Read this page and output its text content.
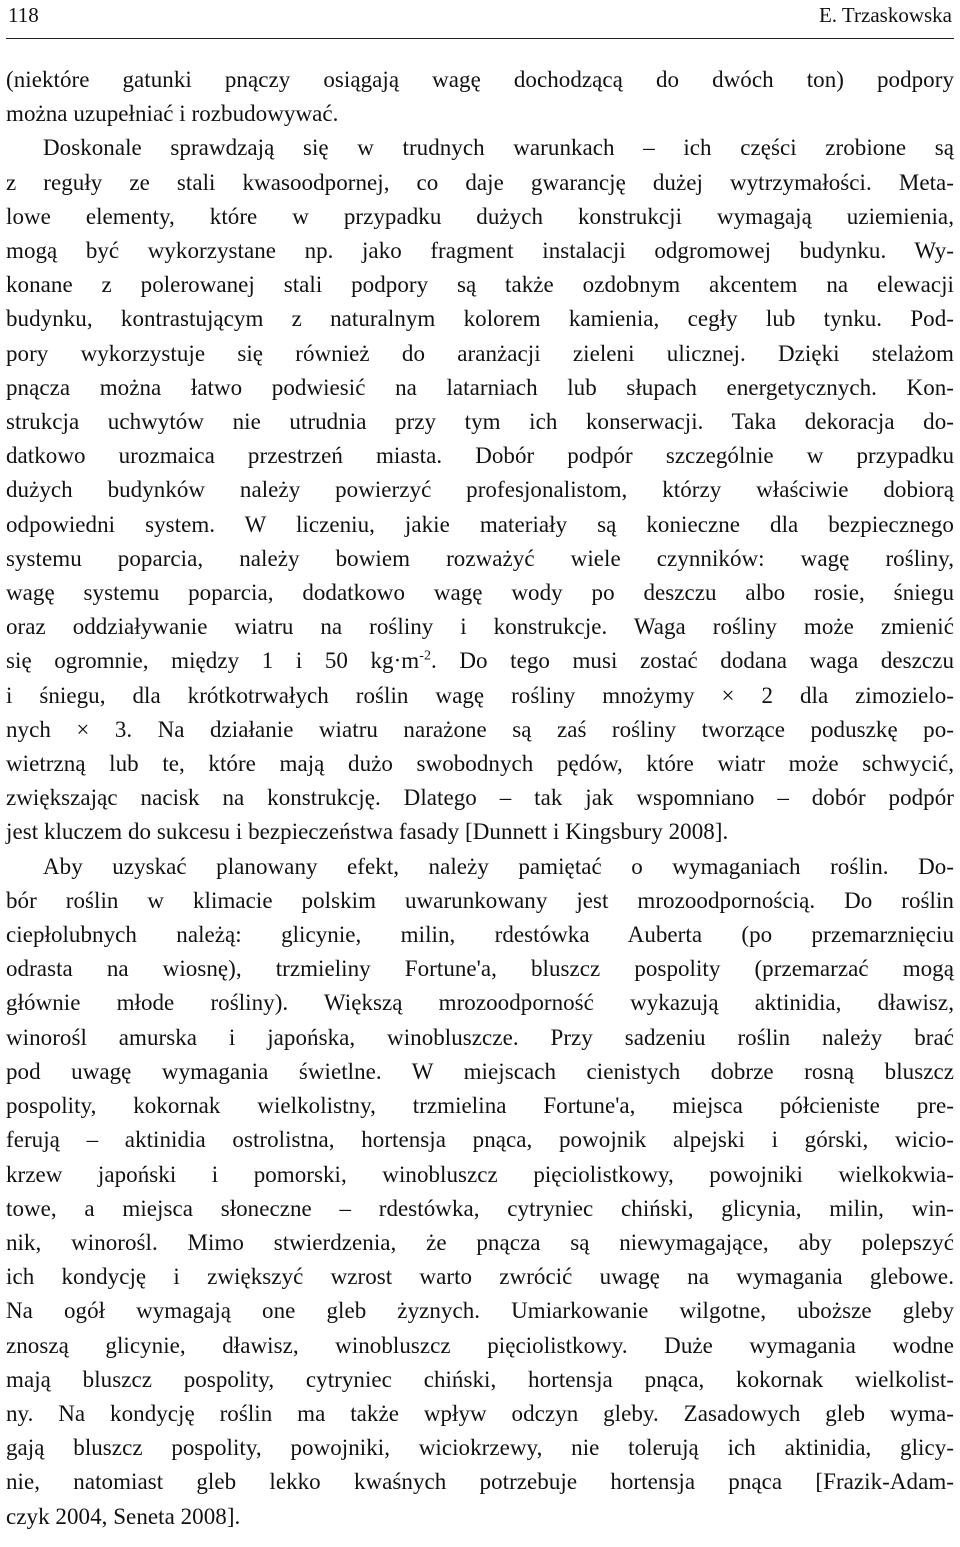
118	E. Trzaskowska

(niektóre gatunki pnączy osiągają wagę dochodzącą do dwóch ton) podpory
można uzupełniać i rozbudowywać.

Doskonale sprawdzają się w trudnych warunkach – ich części zrobione są
z reguły ze stali kwasoodpornej, co daje gwarancję dużej wytrzymałości. Meta-
lowe elementy, które w przypadku dużych konstrukcji wymagają uziemienia,
mogą być wykorzystane np. jako fragment instalacji odgromowej budynku. Wy-
konane z polerowanej stali podpory są także ozdobnym akcentem na elewacji
budynku, kontrastującym z naturalnym kolorem kamienia, cegły lub tynku. Pod-
pory wykorzystuje się również do aranżacji zieleni ulicznej. Dzięki stelażom
pnącza można łatwo podwiesić na latarniach lub słupach energetycznych. Kon-
strukcja uchwytów nie utrudnia przy tym ich konserwacji. Taka dekoracja do-
datkowo urozmaica przestrzeń miasta. Dobór podpór szczególnie w przypadku
dużych budynków należy powierzyć profesjonalistom, którzy właściwie dobiorą
odpowiedni system. W liczeniu, jakie materiały są konieczne dla bezpiecznego
systemu poparcia, należy bowiem rozważyć wiele czynników: wagę rośliny,
wagę systemu poparcia, dodatkowo wagę wody po deszczu albo rosie, śniegu
oraz oddziaływanie wiatru na rośliny i konstrukcje. Waga rośliny może zmienić
się ogromnie, między 1 i 50 $kg\cdot m^{-2}$. Do tego musi zostać dodana waga deszczu
i śniegu, dla krótkotrwałych roślin wagę rośliny mnożymy × 2 dla zimozielo-
nych × 3. Na działanie wiatru narażone są zaś rośliny tworzące poduszkę po-
wietrzną lub te, które mają dużo swobodnych pędów, które wiatr może schwycić,
zwiększając nacisk na konstrukcję. Dlatego – tak jak wspomniano – dobór podpór
jest kluczem do sukcesu i bezpieczeństwa fasady [Dunnett i Kingsbury 2008].

Aby uzyskać planowany efekt, należy pamiętać o wymaganiach roślin. Do-
bór roślin w klimacie polskim uwarunkowany jest mrozoodpornością. Do roślin
ciepłolubnych należą: glicynie, milin, rdestówka Auberta (po przemarznięciu
odrasta na wiosnę), trzmieliny Fortune'a, bluszcz pospolity (przemarzać mogą
głównie młode rośliny). Większą mrozoodporność wykazują aktinidia, dławisz,
winorośl amurska i japońska, winobluszcze. Przy sadzeniu roślin należy brać
pod uwagę wymagania świetlne. W miejscach cienistych dobrze rosną bluszcz
pospolity, kokornak wielkolistny, trzmielina Fortune'a, miejsca półcieniste pre-
ferują – aktinidia ostrolistna, hortensja pnąca, powojnik alpejski i górski, wicio-
krzew japoński i pomorski, winobluszcz pięciolistkowy, powojniki wielkokwia-
towe, a miejsca słoneczne – rdestówka, cytryniec chiński, glicynia, milin, win-
nik, winorośl. Mimo stwierdzenia, że pnącza są niewymagające, aby polepszyć
ich kondycję i zwiększyć wzrost warto zwrócić uwagę na wymagania glebowe.
Na ogół wymagają one gleb żyznych. Umiarkowanie wilgotne, uboższe gleby
znoszą glicynie, dławisz, winobluszcz pięciolistkowy. Duże wymagania wodne
mają bluszcz pospolity, cytryniec chiński, hortensja pnąca, kokornak wielkolist-
ny. Na kondycję roślin ma także wpływ odczyn gleby. Zasadowych gleb wyma-
gają bluszcz pospolity, powojniki, wiciokrzewy, nie tolerują ich aktinidia, glicy-
nie, natomiast gleb lekko kwaśnych potrzebuje hortensja pnąca [Frazik-Adam-
czyk 2004, Seneta 2008].
